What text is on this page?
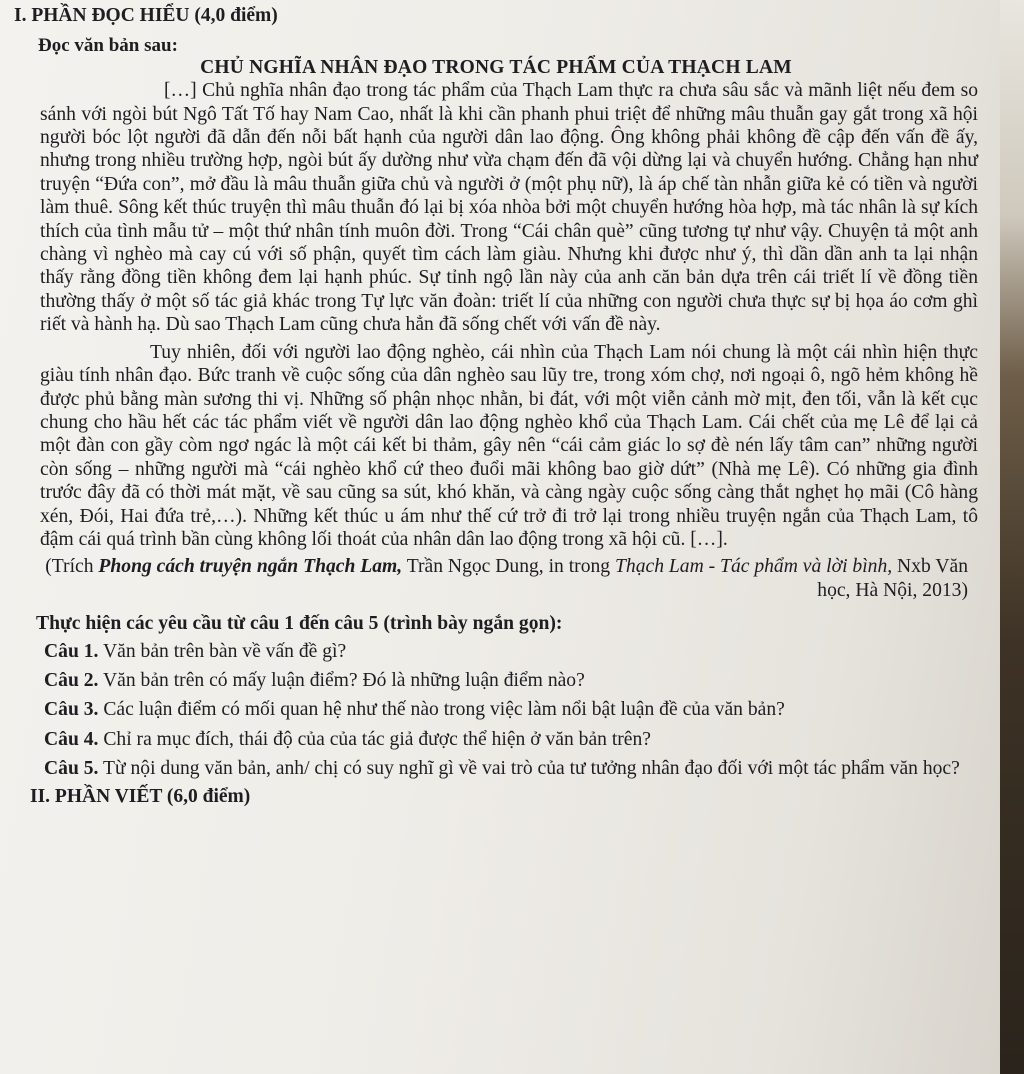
I. PHẦN ĐỌC HIỂU (4,0 điểm)
Đọc văn bản sau:
CHỦ NGHĨA NHÂN ĐẠO TRONG TÁC PHẨM CỦA THẠCH LAM

[…] Chủ nghĩa nhân đạo trong tác phẩm của Thạch Lam thực ra chưa sâu sắc và mãnh liệt nếu đem so sánh với ngòi bút Ngô Tất Tố hay Nam Cao, nhất là khi cần phanh phui triệt để những mâu thuẫn gay gắt trong xã hội người bóc lột người đã dẫn đến nỗi bất hạnh của người dân lao động. Ông không phải không đề cập đến vấn đề ấy, nhưng trong nhiều trường hợp, ngòi bút ấy dường như vừa chạm đến đã vội dừng lại và chuyển hướng. Chẳng hạn như truyện “Đứa con”, mở đầu là mâu thuẫn giữa chủ và người ở (một phụ nữ), là áp chế tàn nhẫn giữa kẻ có tiền và người làm thuê. Sông kết thúc truyện thì mâu thuẫn đó lại bị xóa nhòa bởi một chuyển hướng hòa hợp, mà tác nhân là sự kích thích của tình mẫu tử – một thứ nhân tính muôn đời. Trong “Cái chân què” cũng tương tự như vậy. Chuyện tả một anh chàng vì nghèo mà cay cú với số phận, quyết tìm cách làm giàu. Nhưng khi được như ý, thì dần dần anh ta lại nhận thấy rằng đồng tiền không đem lại hạnh phúc. Sự tỉnh ngộ lần này của anh căn bản dựa trên cái triết lí về đồng tiền thường thấy ở một số tác giả khác trong Tự lực văn đoàn: triết lí của những con người chưa thực sự bị họa áo cơm ghì riết và hành hạ. Dù sao Thạch Lam cũng chưa hẳn đã sống chết với vấn đề này.

Tuy nhiên, đối với người lao động nghèo, cái nhìn của Thạch Lam nói chung là một cái nhìn hiện thực giàu tính nhân đạo. Bức tranh về cuộc sống của dân nghèo sau lũy tre, trong xóm chợ, nơi ngoại ô, ngõ hẻm không hề được phủ bằng màn sương thi vị. Những số phận nhọc nhằn, bi đát, với một viễn cảnh mờ mịt, đen tối, vẫn là kết cục chung cho hầu hết các tác phẩm viết về người dân lao động nghèo khổ của Thạch Lam. Cái chết của mẹ Lê để lại cả một đàn con gầy còm ngơ ngác là một cái kết bi thảm, gây nên “cái cảm giác lo sợ đè nén lấy tâm can” những người còn sống – những người mà “cái nghèo khổ cứ theo đuổi mãi không bao giờ dứt” (Nhà mẹ Lê). Có những gia đình trước đây đã có thời mát mặt, về sau cũng sa sút, khó khăn, và càng ngày cuộc sống càng thắt nghẹt họ mãi (Cô hàng xén, Đói, Hai đứa trẻ,…). Những kết thúc u ám như thế cứ trở đi trở lại trong nhiều truyện ngắn của Thạch Lam, tô đậm cái quá trình bần cùng không lối thoát của nhân dân lao động trong xã hội cũ. […].

(Trích Phong cách truyện ngắn Thạch Lam, Trần Ngọc Dung, in trong Thạch Lam - Tác phẩm và lời bình, Nxb Văn học, Hà Nội, 2013)
Thực hiện các yêu cầu từ câu 1 đến câu 5 (trình bày ngắn gọn):
Câu 1. Văn bản trên bàn về vấn đề gì?
Câu 2. Văn bản trên có mấy luận điểm? Đó là những luận điểm nào?
Câu 3. Các luận điểm có mối quan hệ như thế nào trong việc làm nổi bật luận đề của văn bản?
Câu 4. Chỉ ra mục đích, thái độ của của tác giả được thể hiện ở văn bản trên?
Câu 5. Từ nội dung văn bản, anh/ chị có suy nghĩ gì về vai trò của tư tưởng nhân đạo đối với một tác phẩm văn học?
II. PHẦN VIẾT (6,0 điểm)
